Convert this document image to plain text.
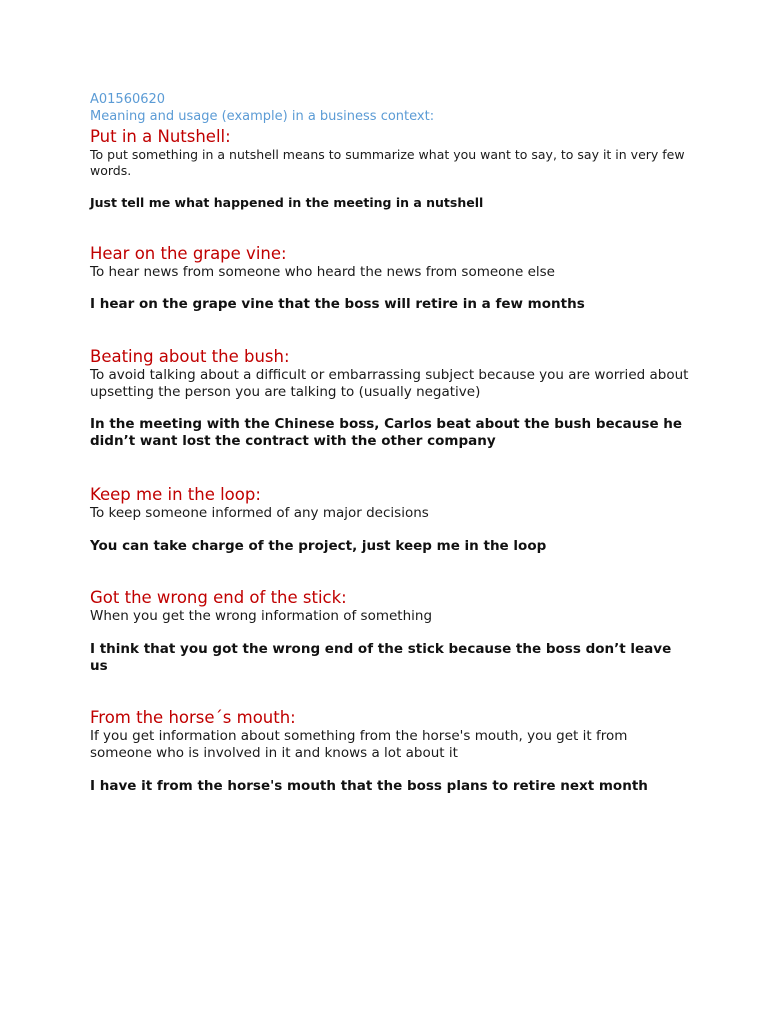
A01560620

Meaning and usage (example) in a business context:

Put in a Nutshell:

To put something in a nutshell means to summarize what you want to say, to say it in very few words.

Just tell me what happened in the meeting in a nutshell

Hear on the grape vine:

To hear news from someone who heard the news from someone else

I hear on the grape vine that the boss will retire in a few months

Beating about the bush:

To avoid talking about a difficult or embarrassing subject because you are worried about upsetting the person you are talking to (usually negative)

In the meeting with the Chinese boss, Carlos beat about the bush because he didn’t want lost the contract with the other company

Keep me in the loop:

To keep someone informed of any major decisions

You can take charge of the project, just keep me in the loop

Got the wrong end of the stick:

When you get the wrong information of something

I think that you got the wrong end of the stick because the boss don’t leave us

From the horse´s mouth:

If you get information about something from the horse's mouth, you get it from someone who is involved in it and knows a lot about it

I have it from the horse's mouth that the boss plans to retire next month
